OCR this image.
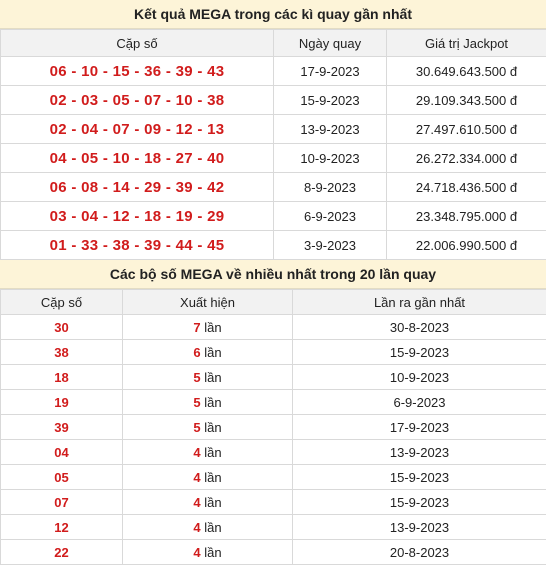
Kết quả MEGA trong các kì quay gần nhất
Cặp số	Ngày quay	Giá trị Jackpot
06 - 10 - 15 - 36 - 39 - 43	17-9-2023	30.649.643.500 đ
02 - 03 - 05 - 07 - 10 - 38	15-9-2023	29.109.343.500 đ
02 - 04 - 07 - 09 - 12 - 13	13-9-2023	27.497.610.500 đ
04 - 05 - 10 - 18 - 27 - 40	10-9-2023	26.272.334.000 đ
06 - 08 - 14 - 29 - 39 - 42	8-9-2023	24.718.436.500 đ
03 - 04 - 12 - 18 - 19 - 29	6-9-2023	23.348.795.000 đ
01 - 33 - 38 - 39 - 44 - 45	3-9-2023	22.006.990.500 đ
Các bộ số MEGA về nhiều nhất trong 20 lần quay
Cặp số	Xuất hiện	Lần ra gần nhất
30	7 lần	30-8-2023
38	6 lần	15-9-2023
18	5 lần	10-9-2023
19	5 lần	6-9-2023
39	5 lần	17-9-2023
04	4 lần	13-9-2023
05	4 lần	15-9-2023
07	4 lần	15-9-2023
12	4 lần	13-9-2023
22	4 lần	20-8-2023
